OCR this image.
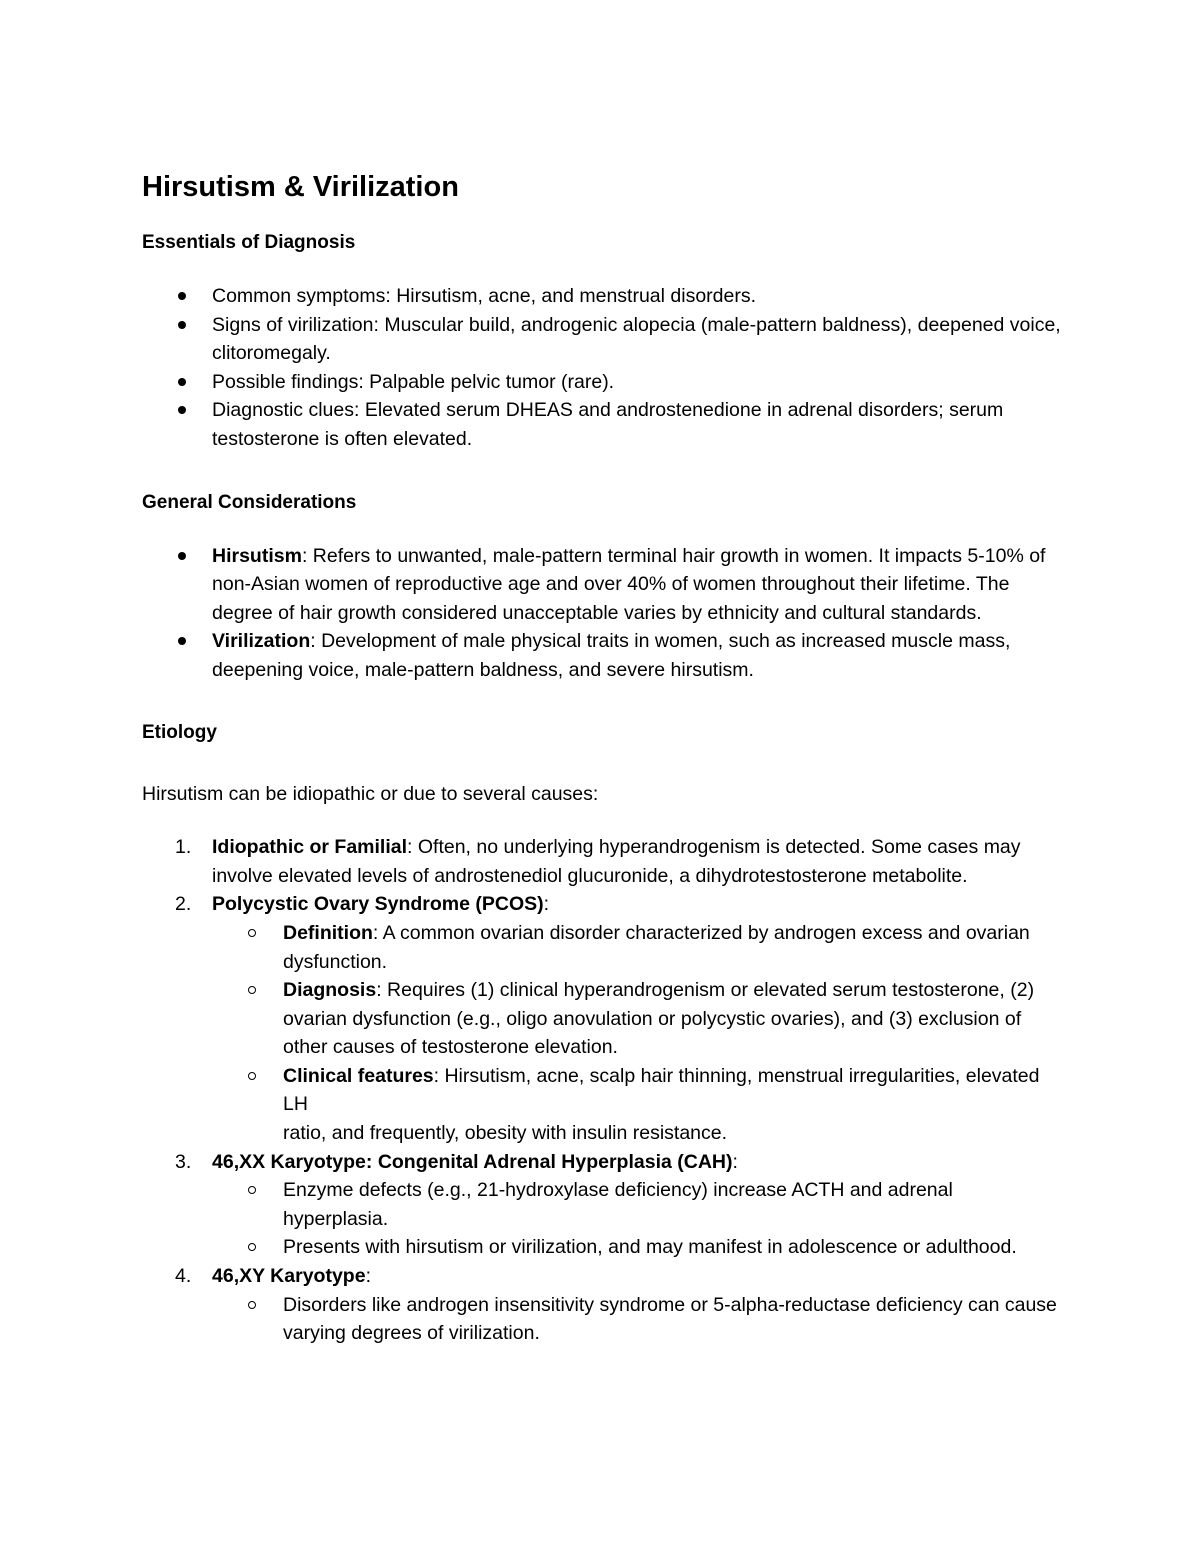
Hirsutism & Virilization
Essentials of Diagnosis
Common symptoms: Hirsutism, acne, and menstrual disorders.
Signs of virilization: Muscular build, androgenic alopecia (male-pattern baldness), deepened voice, clitoromegaly.
Possible findings: Palpable pelvic tumor (rare).
Diagnostic clues: Elevated serum DHEAS and androstenedione in adrenal disorders; serum testosterone is often elevated.
General Considerations
Hirsutism: Refers to unwanted, male-pattern terminal hair growth in women. It impacts 5-10% of non-Asian women of reproductive age and over 40% of women throughout their lifetime. The degree of hair growth considered unacceptable varies by ethnicity and cultural standards.
Virilization: Development of male physical traits in women, such as increased muscle mass, deepening voice, male-pattern baldness, and severe hirsutism.
Etiology

Hirsutism can be idiopathic or due to several causes:

1. Idiopathic or Familial: Often, no underlying hyperandrogenism is detected. Some cases may involve elevated levels of androstenediol glucuronide, a dihydrotestosterone metabolite.
2. Polycystic Ovary Syndrome (PCOS):
Definition: A common ovarian disorder characterized by androgen excess and ovarian dysfunction.
Diagnosis: Requires (1) clinical hyperandrogenism or elevated serum testosterone, (2) ovarian dysfunction (e.g., oligo anovulation or polycystic ovaries), and (3) exclusion of other causes of testosterone elevation.
Clinical features: Hirsutism, acne, scalp hair thinning, menstrual irregularities, elevated LH
ratio, and frequently, obesity with insulin resistance.
3. 46,XX Karyotype: Congenital Adrenal Hyperplasia (CAH):
Enzyme defects (e.g., 21-hydroxylase deficiency) increase ACTH and adrenal hyperplasia.
Presents with hirsutism or virilization, and may manifest in adolescence or adulthood.
4. 46,XY Karyotype:
Disorders like androgen insensitivity syndrome or 5-alpha-reductase deficiency can cause varying degrees of virilization.
